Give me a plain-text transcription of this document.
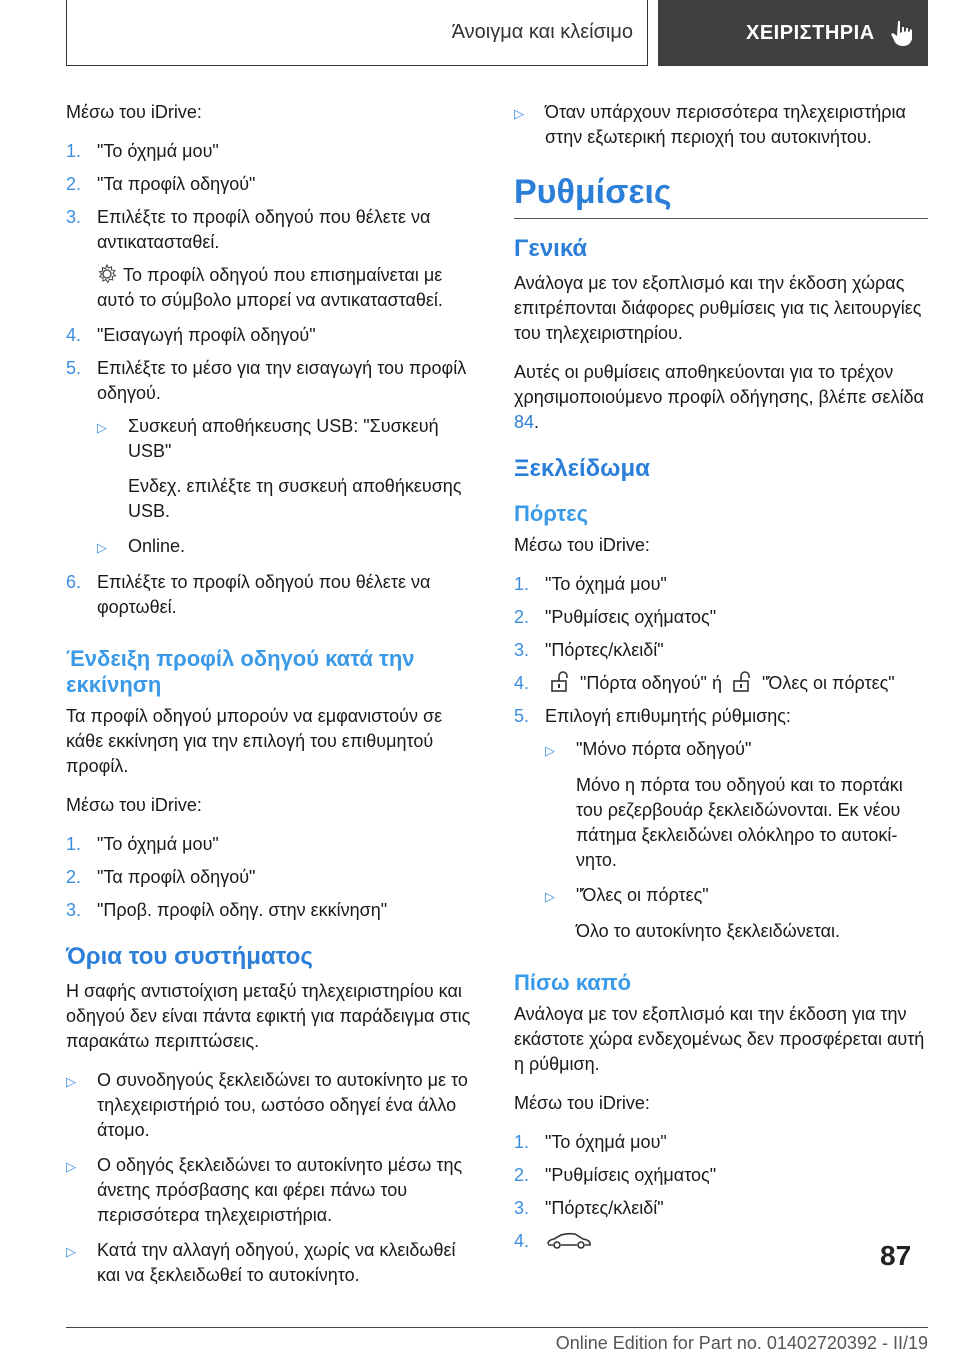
Άνοιγμα και κλείσιμο	ΧΕΙΡΙΣΤΗΡΙΑ

Μέσω του iDrive:

1. "Το όχημά μου"
2. "Τα προφίλ οδηγού"
3. Επιλέξτε το προφίλ οδηγού που θέλετε να αντικατασταθεί.
Το προφίλ οδηγού που επισημαίνεται με αυτό το σύμβολο μπορεί να αντικατασταθεί.
4. "Εισαγωγή προφίλ οδηγού"
5. Επιλέξτε το μέσο για την εισαγωγή του προφίλ οδηγού.
▷	Συσκευή αποθήκευσης USB: "Συσκευή USB"
Ενδεχ. επιλέξτε τη συσκευή αποθήκευσης USB.
▷	Online.
6. Επιλέξτε το προφίλ οδηγού που θέλετε να φορτωθεί.
Ένδειξη προφίλ οδηγού κατά την εκκίνηση

Τα προφίλ οδηγού μπορούν να εμφανιστούν σε κάθε εκκίνηση για την επιλογή του επιθυμητού προφίλ.

Μέσω του iDrive:

1. "Το όχημά μου"
2. "Τα προφίλ οδηγού"
3. "Προβ. προφίλ οδηγ. στην εκκίνηση"
Όρια του συστήματος

Η σαφής αντιστοίχιση μεταξύ τηλεχειριστηρίου και οδηγού δεν είναι πάντα εφικτή για παράδειγμα στις παρακάτω περιπτώσεις.

▷	Ο συνοδηγούς ξεκλειδώνει το αυτοκίνητο με το τηλεχειριστήριό του, ωστόσο οδηγεί ένα άλλο άτομο.
▷	Ο οδηγός ξεκλειδώνει το αυτοκίνητο μέσω της άνετης πρόσβασης και φέρει πάνω του περισσότερα τηλεχειριστήρια.
▷	Κατά την αλλαγή οδηγού, χωρίς να κλειδωθεί και να ξεκλειδωθεί το αυτοκίνητο.
▷	Όταν υπάρχουν περισσότερα τηλεχειριστήρια στην εξωτερική περιοχή του αυτοκινήτου.
Ρυθμίσεις
Γενικά

Ανάλογα με τον εξοπλισμό και την έκδοση χώρας επιτρέπονται διάφορες ρυθμίσεις για τις λειτουργίες του τηλεχειριστηρίου.

Αυτές οι ρυθμίσεις αποθηκεύονται για το τρέχον χρησιμοποιούμενο προφίλ οδήγησης, βλέπε σελίδα 84.

Ξεκλείδωμα
Πόρτες

Μέσω του iDrive:

1. "Το όχημά μου"
2. "Ρυθμίσεις οχήματος"
3. "Πόρτες/κλειδί"
4.	"Πόρτα οδηγού" ή "Όλες οι πόρτες"
5. Επιλογή επιθυμητής ρύθμισης:
▷	"Μόνο πόρτα οδηγού"
Μόνο η πόρτα του οδηγού και το πορτάκι του ρεζερβουάρ ξεκλειδώνονται. Εκ νέου πάτημα ξεκλειδώνει ολόκληρο το αυτοκίνητο.
▷	"Όλες οι πόρτες"
Όλο το αυτοκίνητο ξεκλειδώνεται.
Πίσω καπό

Ανάλογα με τον εξοπλισμό και την έκδοση για την εκάστοτε χώρα ενδεχομένως δεν προσφέρεται αυτή η ρύθμιση.

Μέσω του iDrive:

1. "Το όχημά μου"
2. "Ρυθμίσεις οχήματος"
3. "Πόρτες/κλειδί"
4.	87
Online Edition for Part no. 01402720392 - II/19
